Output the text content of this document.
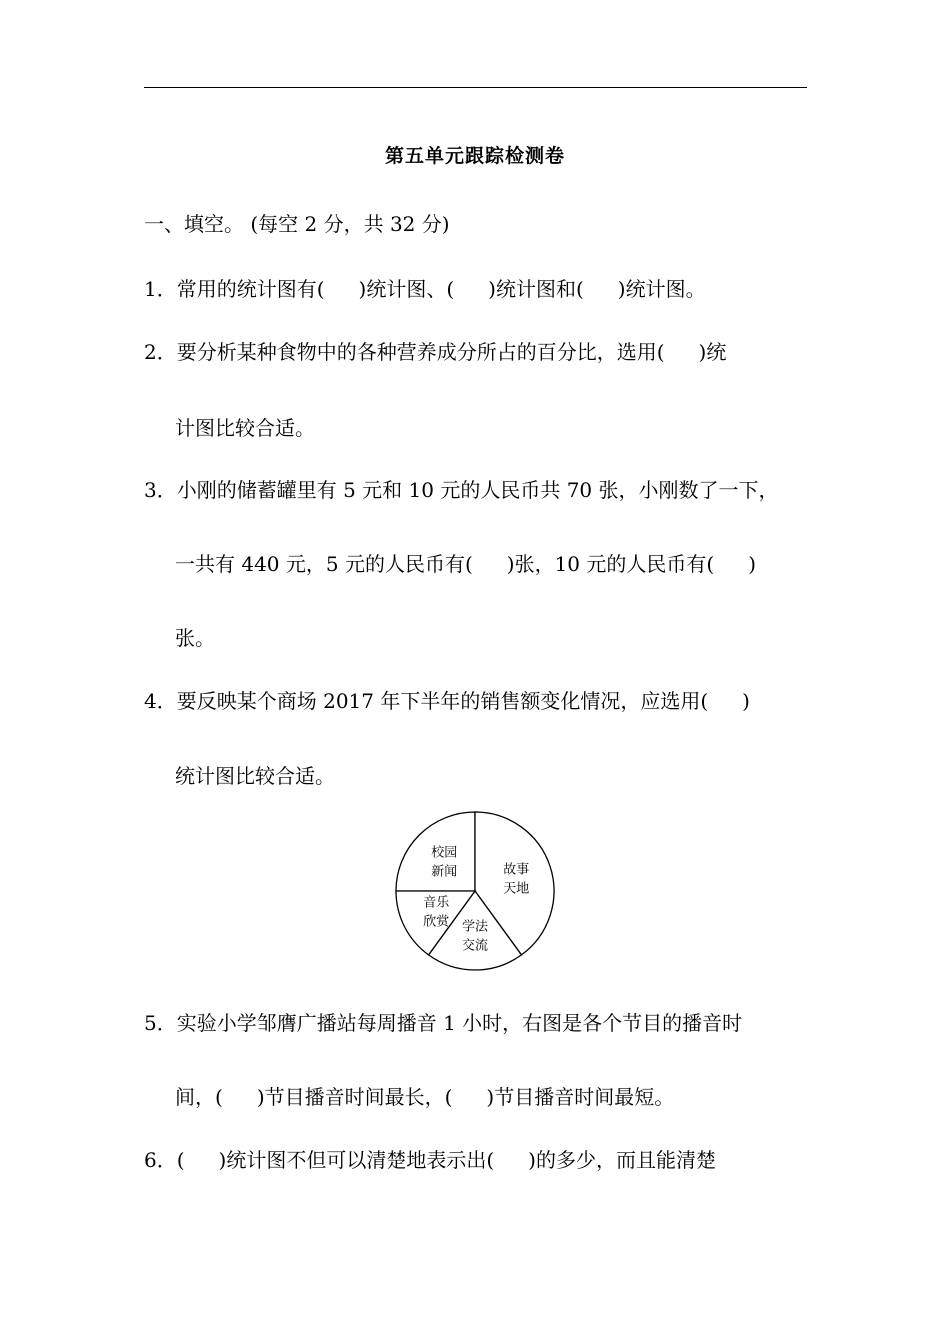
第五单元跟踪检测卷
一、填空。 (每空 2 分，共 32 分)
1．常用的统计图有( )统计图、( )统计图和( )统计图。
2．要分析某种食物中的各种营养成分所占的百分比，选用( )统
计图比较合适。
3．小刚的储蓄罐里有 5 元和 10 元的人民币共 70 张，小刚数了一下，
一共有 440 元，5 元的人民币有( )张，10 元的人民币有( )
张。
4．要反映某个商场 2017 年下半年的销售额变化情况，应选用( )
统计图比较合适。
校园
新闻	故事
天地
学法
交流
音乐
欣赏
5．实验小学邹膺广播站每周播音 1 小时，右图是各个节目的播音时
间，( )节目播音时间最长，( )节目播音时间最短。
6．( )统计图不但可以清楚地表示出( )的多少，而且能清楚
